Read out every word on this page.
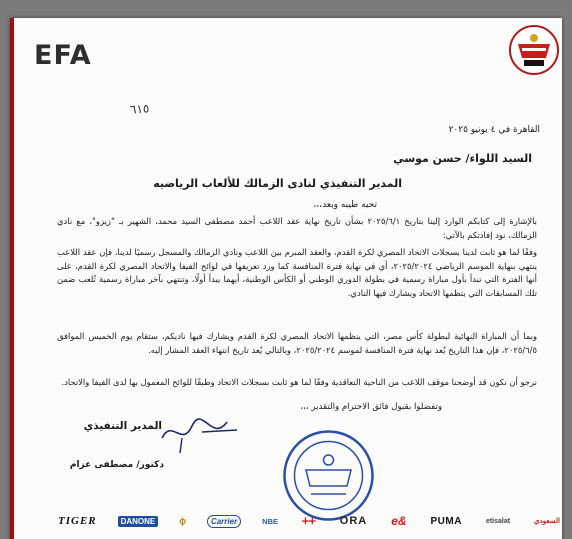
EFA
٦١٥
القاهرة في ٤ يونيو ٢٠٢٥
السيد اللواء/ حسن موسي
المدير التنفيذي لنادى الزمالك للألعاب الرياضيه
تحيه طيبه وبعد،،،
بالإشارة إلى كتابكم الوارد إلينا بتاريخ ٢٠٢٥/٦/١ بشأن تاريخ نهاية عقد اللاعب أحمد مصطفى السيد محمد، الشهير بـ "زيزو"، مع نادي الزمالك، نود إفادتكم بالآتي:
وفقًا لما هو ثابت لدينا بسجلات الاتحاد المصري لكرة القدم، والعقد المبرم بين اللاعب ونادي الزمالك والمسجل رسميًا لدينا، فإن عقد اللاعب ينتهي بنهاية الموسم الرياضي ٢٠٢٥/٢٠٢٤، أي في نهاية فترة المنافسة كما ورد تعريفها في لوائح الفيفا والاتحاد المصري لكرة القدم، على أنها الفترة التي تبدأ بأول مباراة رسمية في بطولة الدوري الوطني أو الكأس الوطنية، أيهما يبدأ أولًا، وتنتهي بآخر مباراة رسمية تُلعب ضمن تلك المسابقات التي ينظمها الاتحاد ويشارك فيها النادي.
وبما أن المباراة النهائية لبطولة كأس مصر، التي ينظمها الاتحاد المصري لكرة القدم ويشارك فيها ناديكم، ستقام يوم الخميس الموافق ٢٠٢٥/٦/٥، فإن هذا التاريخ يُعد نهاية فترة المنافسة لموسم ٢٠٢٥/٢٠٢٤، وبالتالي يُعد تاريخ انتهاء العقد المشار إليه.
نرجو أن نكون قد أوضحنا موقف اللاعب من الناحية التعاقدية وفقًا لما هو ثابت بسجلات الاتحاد وطبقًا للوائح المعمول بها لدى الفيفا والاتحاد.
وتفضلوا بقبول فائق الاحترام والتقدير ،،،
المدير التنفيذي
دكتور/ مصطفى عزام
TIGER	DANONE	ϕ	Carrier	NBE	ⵜⵜ ORA e&	PUMA	etisalat	السعودي
